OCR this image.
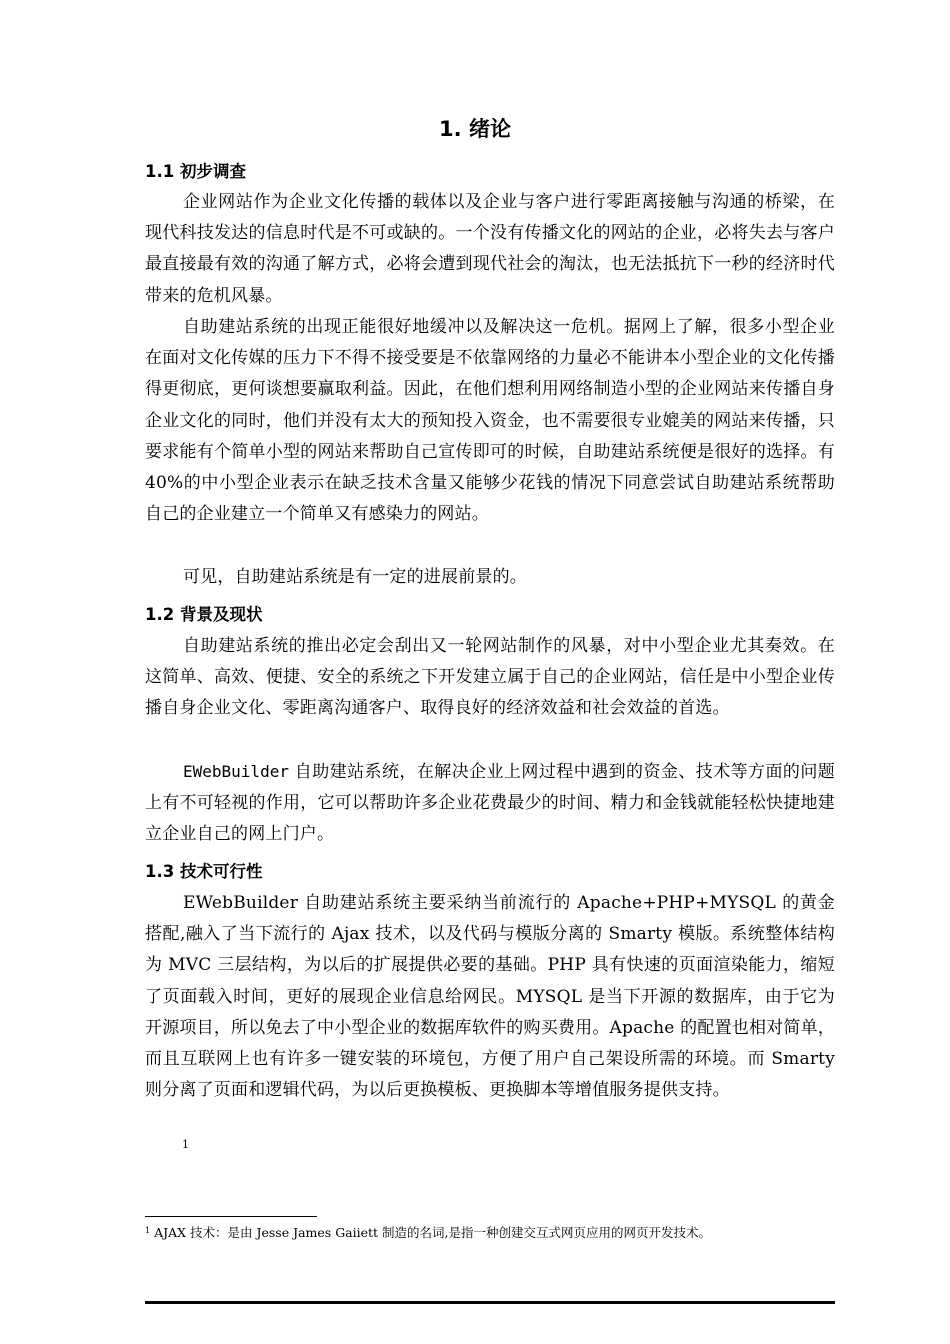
1. 绪论
1.1 初步调查

企业网站作为企业文化传播的载体以及企业与客户进行零距离接触与沟通的桥梁，在现代科技发达的信息时代是不可或缺的。一个没有传播文化的网站的企业，必将失去与客户最直接最有效的沟通了解方式，必将会遭到现代社会的淘汰，也无法抵抗下一秒的经济时代带来的危机风暴。

自助建站系统的出现正能很好地缓冲以及解决这一危机。据网上了解，很多小型企业在面对文化传媒的压力下不得不接受要是不依靠网络的力量必不能讲本小型企业的文化传播得更彻底，更何谈想要赢取利益。因此，在他们想利用网络制造小型的企业网站来传播自身企业文化的同时，他们并没有太大的预知投入资金，也不需要很专业媲美的网站来传播，只要求能有个简单小型的网站来帮助自己宣传即可的时候，自助建站系统便是很好的选择。有 40%的中小型企业表示在缺乏技术含量又能够少花钱的情况下同意尝试自助建站系统帮助自己的企业建立一个简单又有感染力的网站。

可见，自助建站系统是有一定的进展前景的。

1.2 背景及现状

自助建站系统的推出必定会刮出又一轮网站制作的风暴，对中小型企业尤其奏效。在这简单、高效、便捷、安全的系统之下开发建立属于自己的企业网站，信任是中小型企业传播自身企业文化、零距离沟通客户、取得良好的经济效益和社会效益的首选。

EWebBuilder 自助建站系统，在解决企业上网过程中遇到的资金、技术等方面的问题上有不可轻视的作用，它可以帮助许多企业花费最少的时间、精力和金钱就能轻松快捷地建立企业自己的网上门户。

1.3 技术可行性

EWebBuilder 自助建站系统主要采纳当前流行的 Apache+PHP+MYSQL 的黄金搭配,融入了当下流行的 Ajax 技术，以及代码与模版分离的 Smarty 模版。系统整体结构为 MVC 三层结构，为以后的扩展提供必要的基础。PHP 具有快速的页面渲染能力，缩短了页面载入时间，更好的展现企业信息给网民。MYSQL 是当下开源的数据库，由于它为开源项目，所以免去了中小型企业的数据库软件的购买费用。Apache 的配置也相对简单，而且互联网上也有许多一键安装的环境包，方便了用户自己架设所需的环境。而 Smarty 则分离了页面和逻辑代码，为以后更换模板、更换脚本等增值服务提供支持。

1

$^1$ AJAX 技术：是由 Jesse James Gaiiett 制造的名词,是指一种创建交互式网页应用的网页开发技术。
